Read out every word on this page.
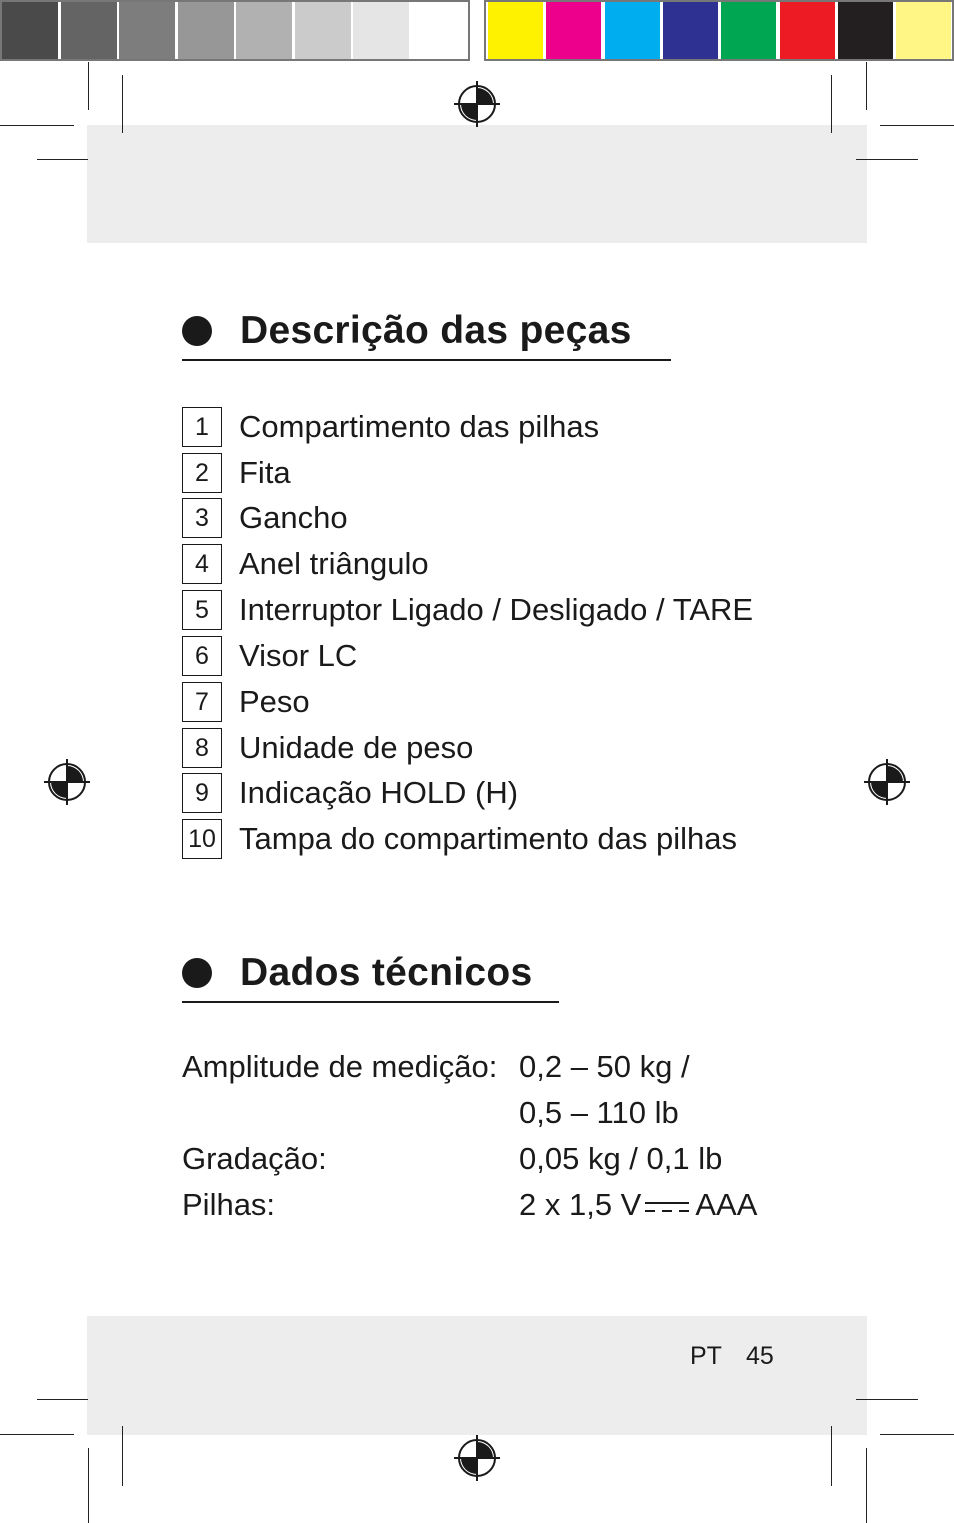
Descrição das peças
1 Compartimento das pilhas
2 Fita
3 Gancho
4 Anel triângulo
5 Interruptor Ligado / Desligado / TARE
6 Visor LC
7 Peso
8 Unidade de peso
9 Indicação HOLD (H)
10 Tampa do compartimento das pilhas
Dados técnicos
Amplitude de medição: 0,2 – 50 kg /
0,5 – 110 lb
Gradação:	0,05 kg / 0,1 lb
Pilhas:	2 x 1,5 V AAA
PT 45
